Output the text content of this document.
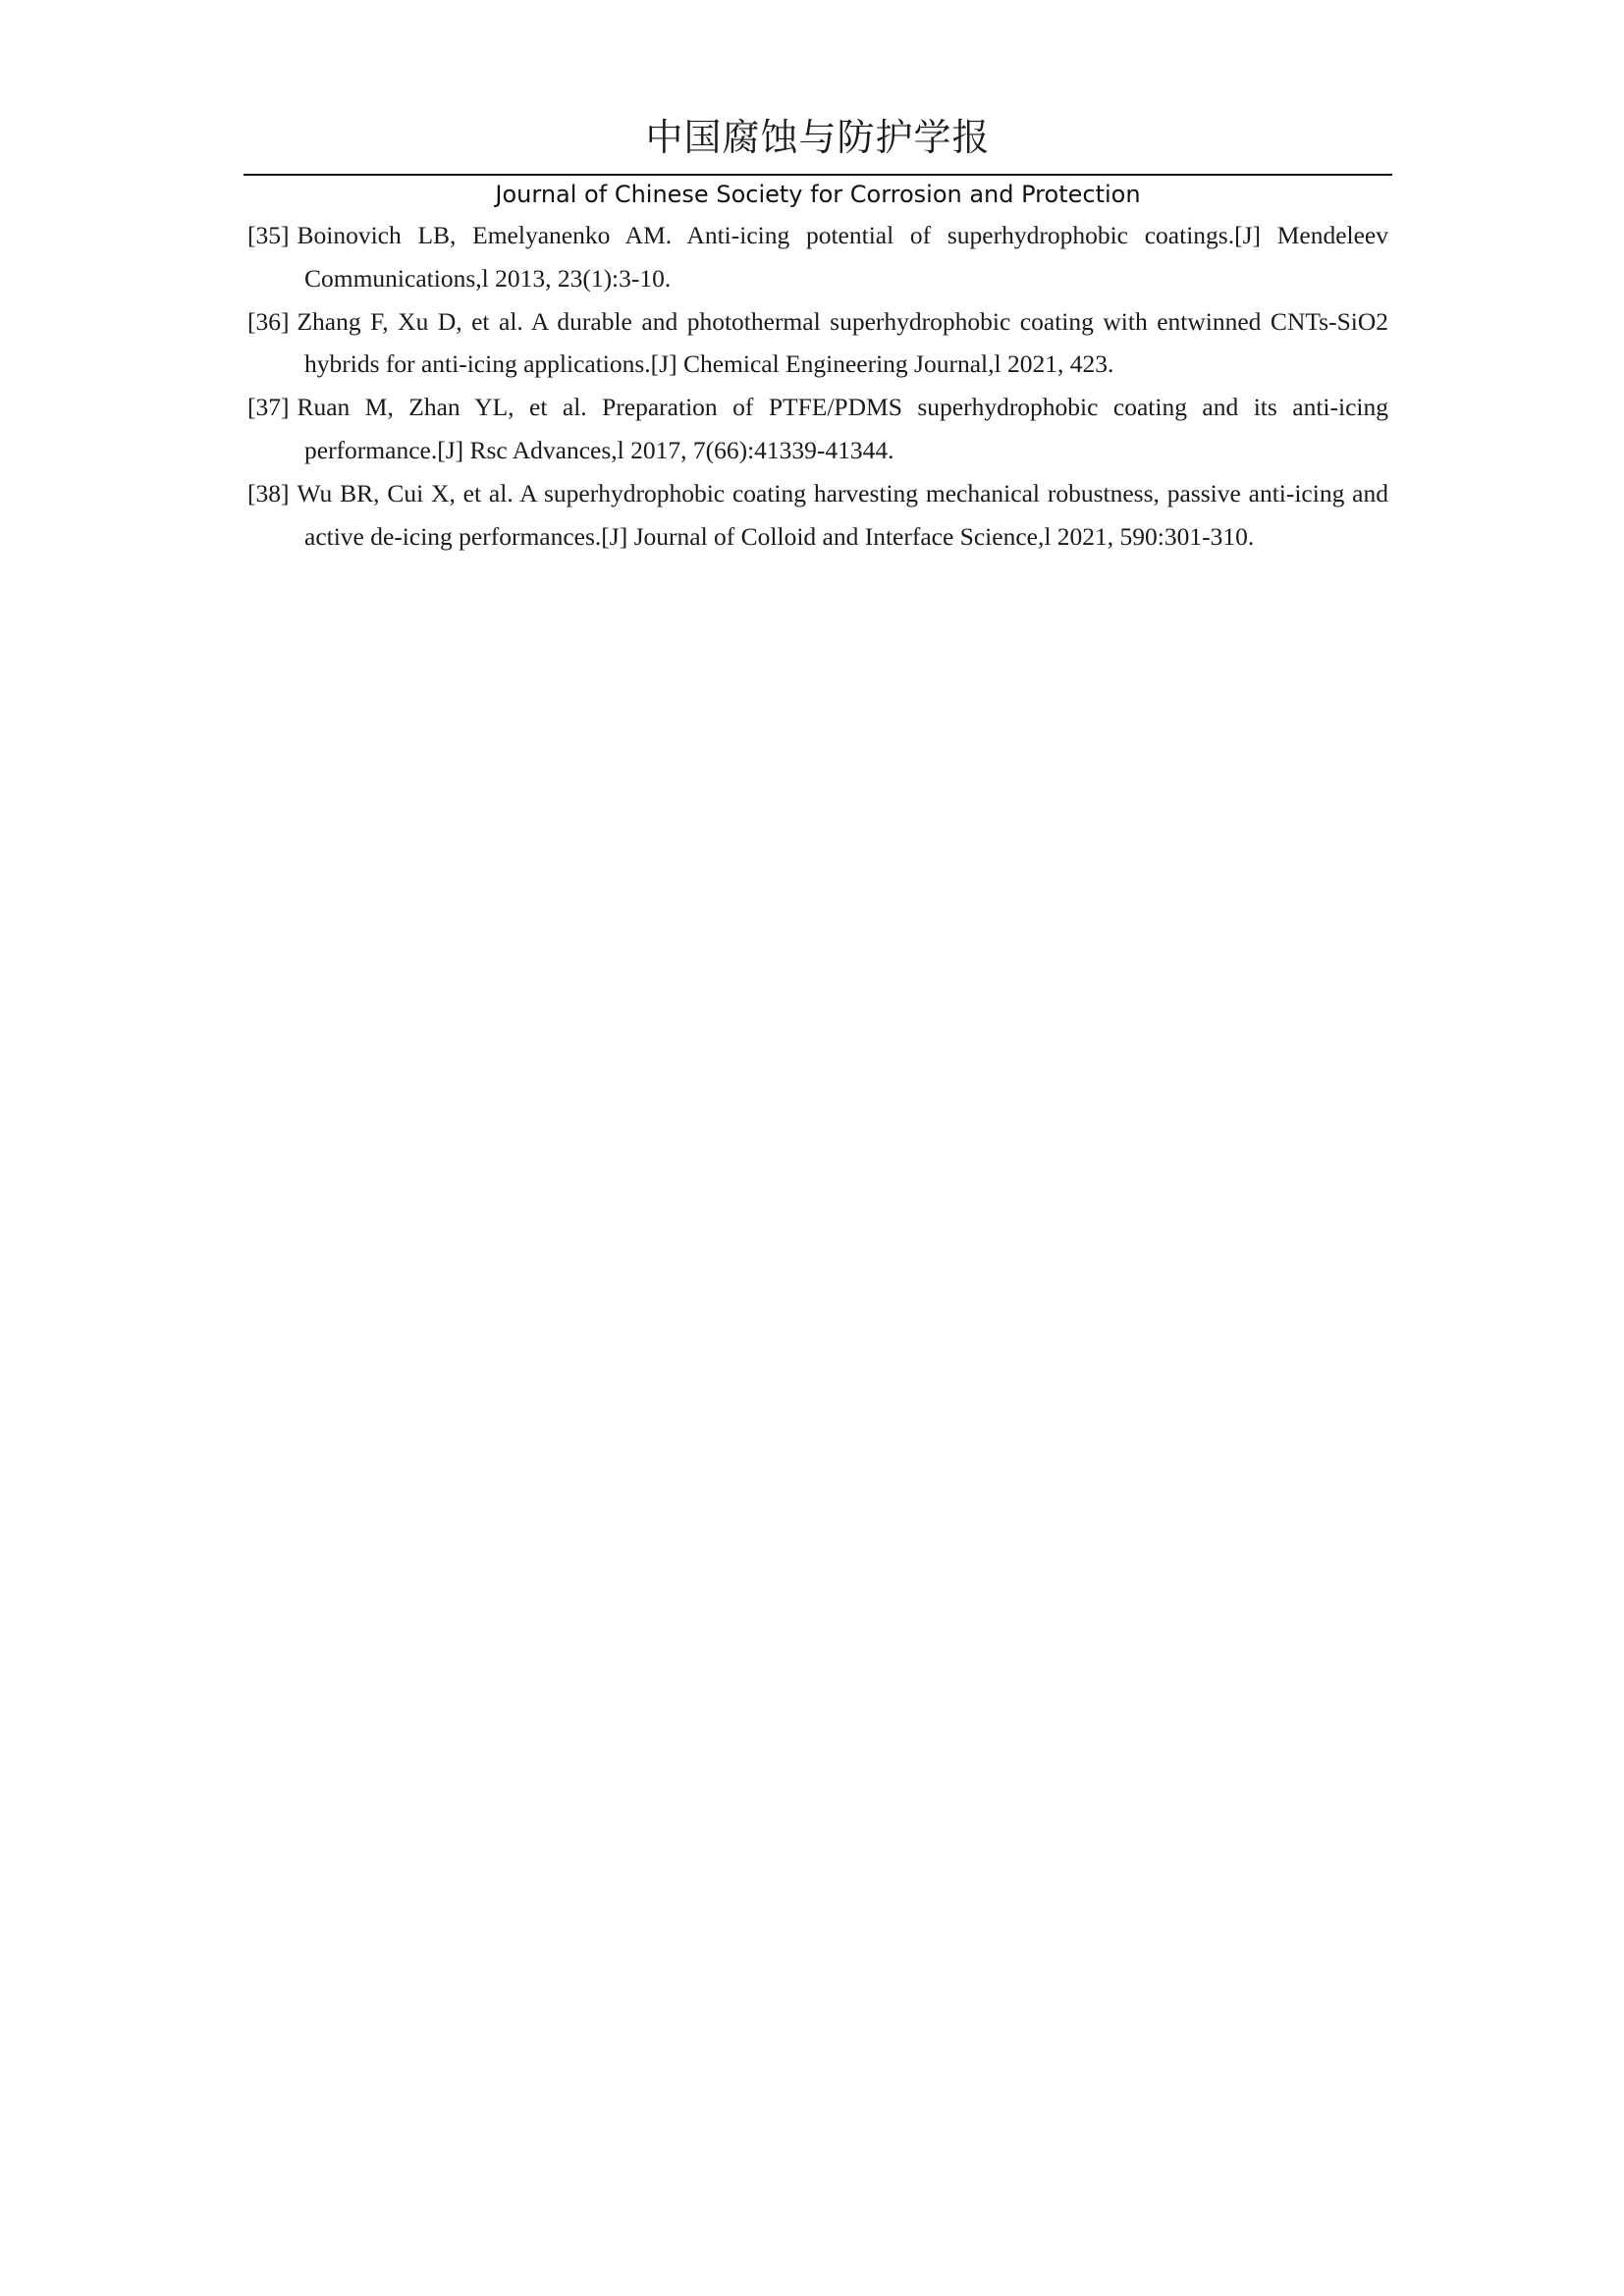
中国腐蚀与防护学报
Journal of Chinese Society for Corrosion and Protection
[35] Boinovich LB, Emelyanenko AM. Anti-icing potential of superhydrophobic coatings.[J] Mendeleev Communications,l 2013, 23(1):3-10.
[36] Zhang F, Xu D, et al. A durable and photothermal superhydrophobic coating with entwinned CNTs-SiO2 hybrids for anti-icing applications.[J] Chemical Engineering Journal,l 2021, 423.
[37] Ruan M, Zhan YL, et al. Preparation of PTFE/PDMS superhydrophobic coating and its anti-icing performance.[J] Rsc Advances,l 2017, 7(66):41339-41344.
[38] Wu BR, Cui X, et al. A superhydrophobic coating harvesting mechanical robustness, passive anti-icing and active de-icing performances.[J] Journal of Colloid and Interface Science,l 2021, 590:301-310.
